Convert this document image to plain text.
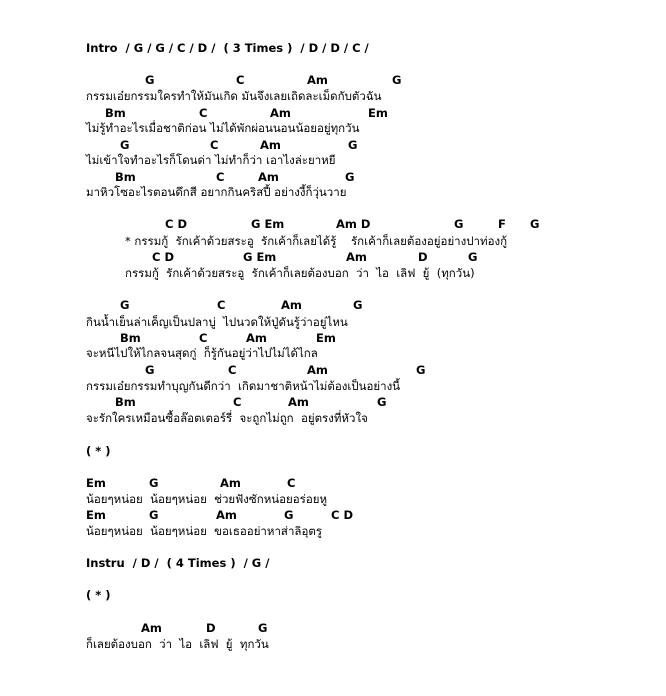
Intro  / G / G / C / D /  ( 3 Times )  / D / D / C /
G	C	Am	G
กรรมเอ๋ยกรรมใครทำให้มันเกิด มันจึงเลยเถิดละเม็ดกับตัวฉัน
Bm	C	Am	Em
ไม่รู้ทำอะไรเมื่อชาติก่อน ไม่ได้พักผ่อนนอนน้อยอยู่ทุกวัน
G	C	Am	G
ไม่เข้าใจทำอะไรก็โดนด่า ไม่ทำก็ว่า เอาไงล่ะยาหยี
Bm	C	Am	G
มาหิวโซอะไรตอนดึกสี อยากกินคริสปี้ อย่างงี้ก็วุ่นวาย
C D	G Em	Am D	G	F G
* กรรมกู้  รักเค้าด้วยสระอู  รักเค้าก็เลยได้รู้    รักเค้าก็เลยต้องอยู่อย่างปาท่องกู้
C D	G Em	Am	D	G
กรรมกู้  รักเค้าด้วยสระอู  รักเค้าก็เลยต้องบอก  ว่า  ไอ  เลิฟ  ยู้  (ทุกวัน)
G	C	Am	G
กินน้ำเย็นล่าเค็ญเป็นปลาบู่  ไปนวดให้ปู่ดันรู้ว่าอยู่ไหน
Bm	C	Am	Em
จะหนีไปให้ไกลจนสุดกู่  ก็รู้กันอยู่ว่าไปไม่ได้ไกล
G	C	Am	G
กรรมเอ๋ยกรรมทำบุญกันดีกว่า  เกิดมาชาติหน้าไม่ต้องเป็นอย่างนี้
Bm	C	Am	G
จะรักใครเหมือนซื้อล๊อตเตอร์รี่  จะถูกไม่ถูก  อยู่ตรงที่หัวใจ
( * )
Em	G	Am	C
น้อยๆหน่อย  น้อยๆหน่อย  ช่วยฟังซักหน่อยอร่อยหู
Em	G	Am	G	C D
น้อยๆหน่อย  น้อยๆหน่อย  ขอเธออย่าหาส่าลิอุตรู
Instru  / D /  ( 4 Times )  / G /
( * )
Am	D	G
ก็เลยต้องบอก  ว่า  ไอ  เลิฟ  ยู้  ทุกวัน
